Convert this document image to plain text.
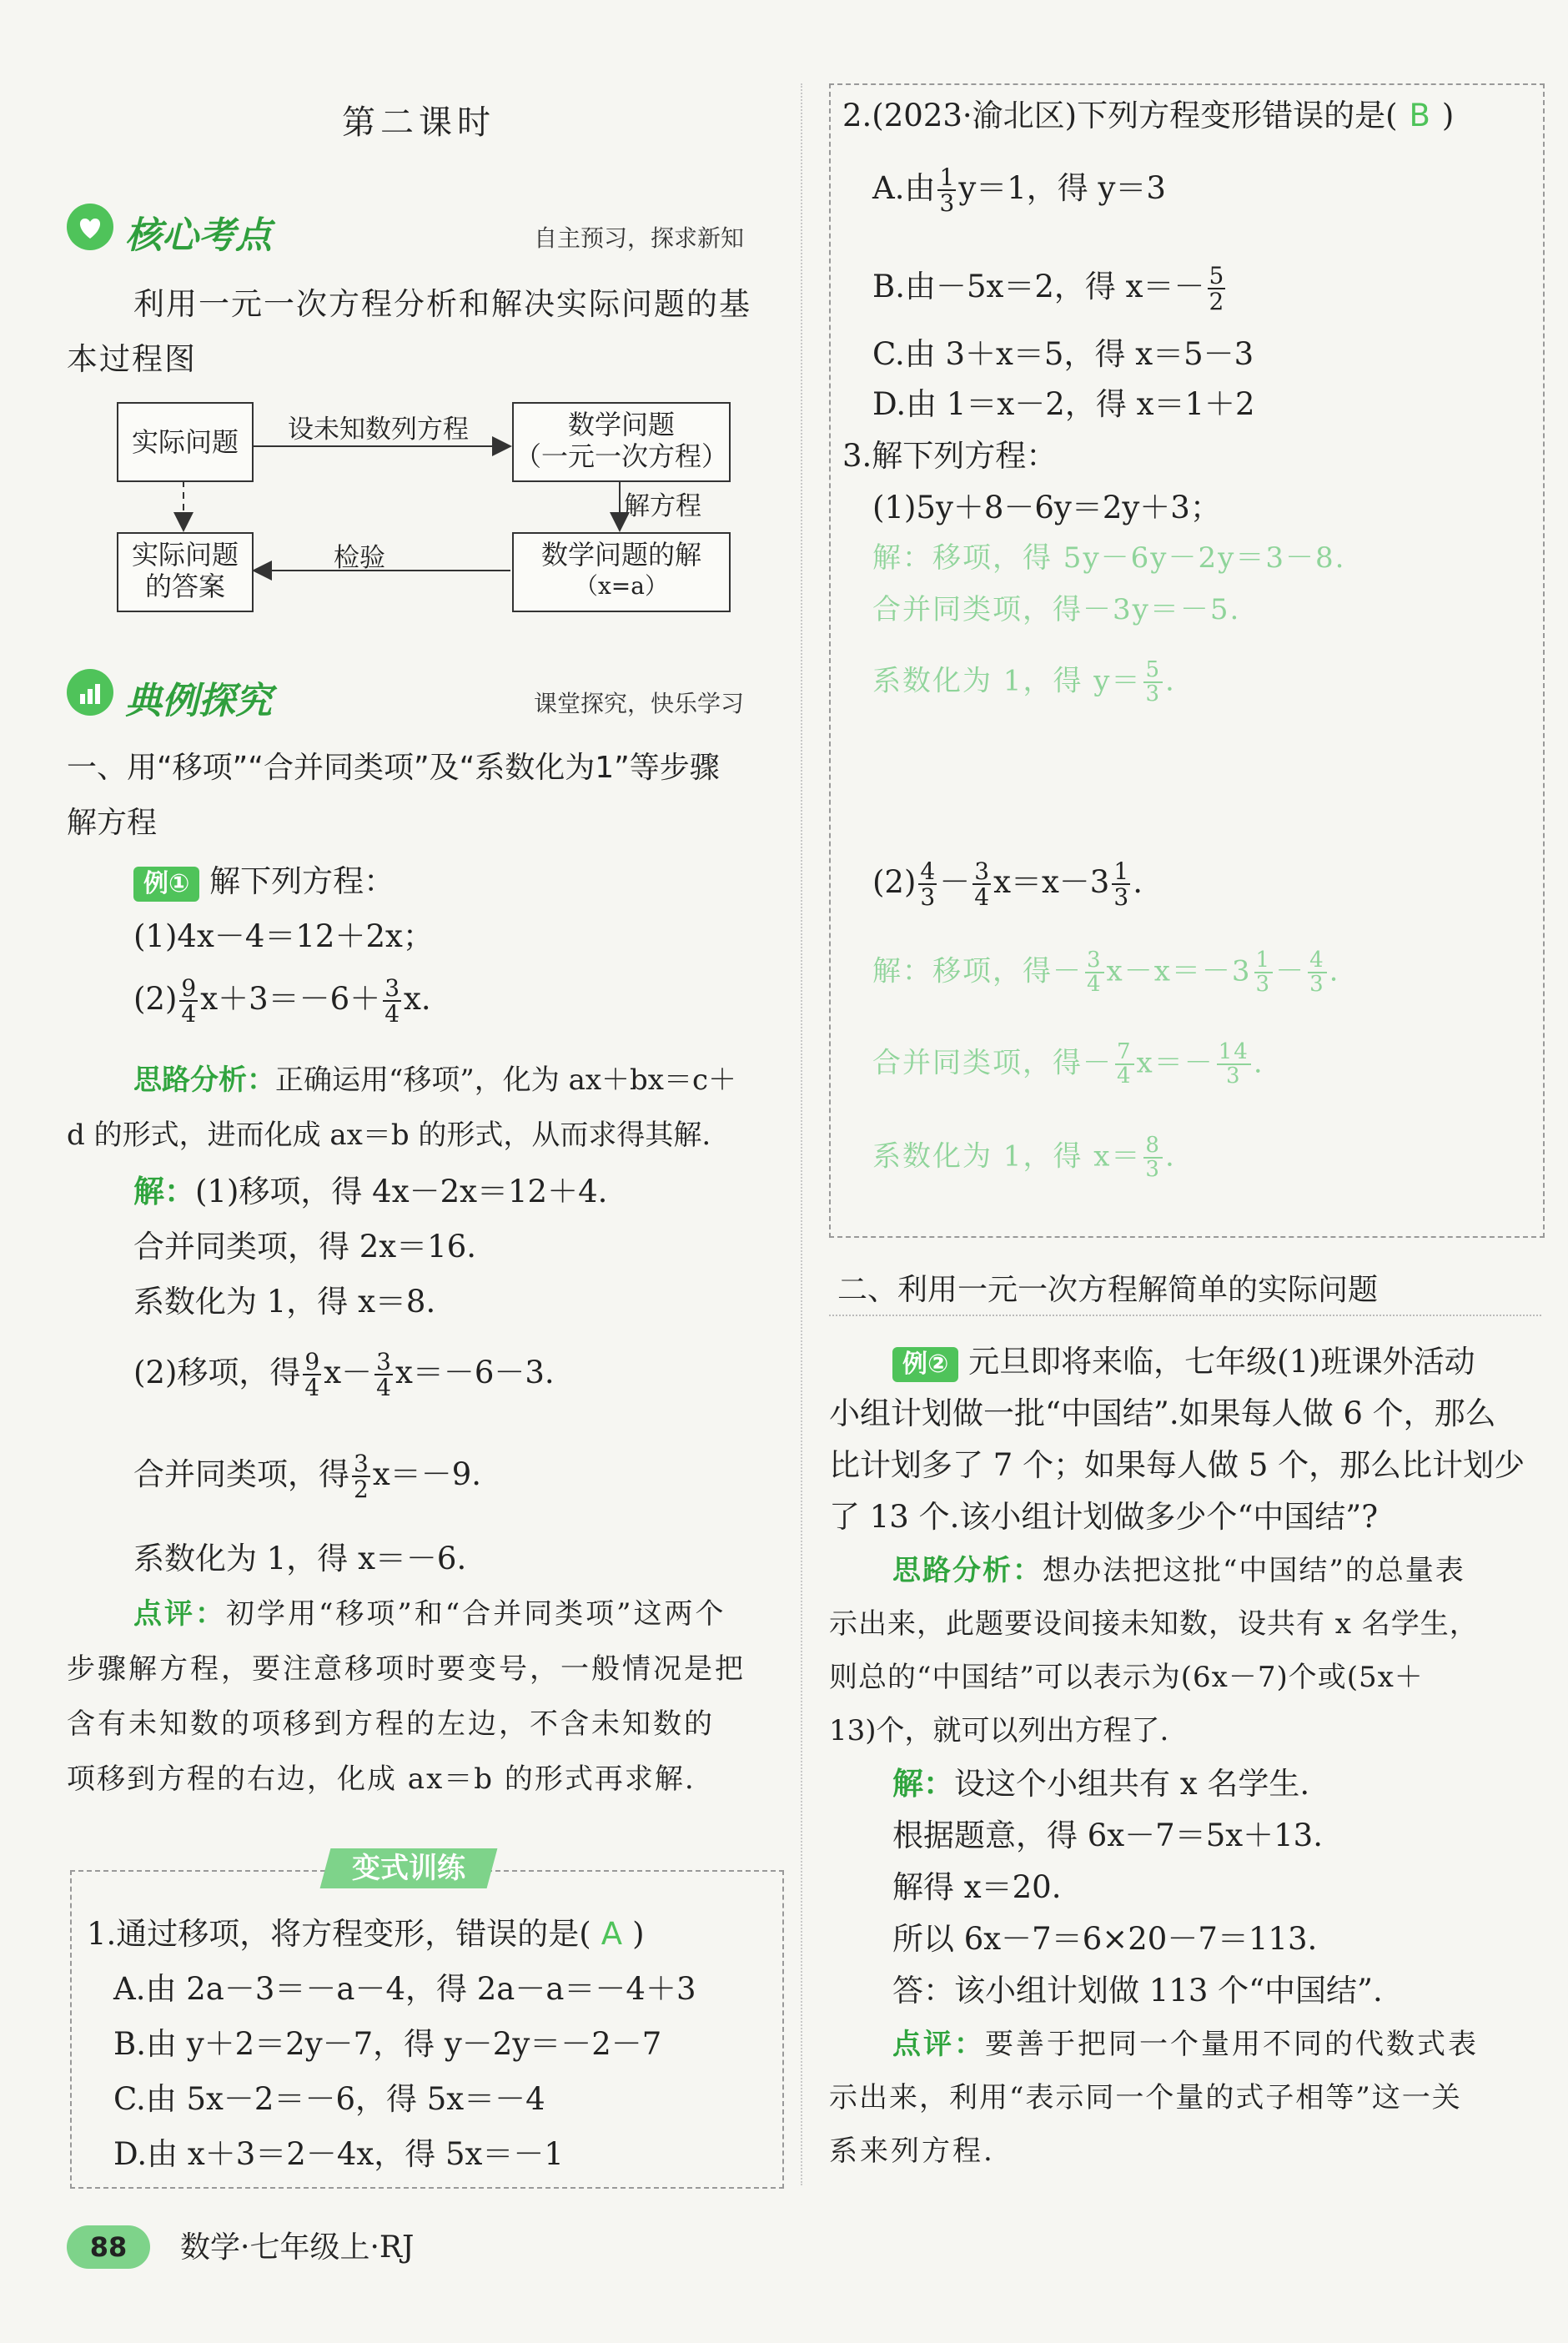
第二课时
核心考点	自主预习，探求新知
利用一元一次方程分析和解决实际问题的基
本过程图
实际问题	设未知数列方程	数学问题
（一元一次方程）
解方程
数学问题的解
（x=a）
检验
实际问题
的答案
典例探究	课堂探究，快乐学习
一、用“移项”“合并同类项”及“系数化为1”等步骤
解方程
例① 解下列方程：
(1)4x－4＝12＋2x；
$(2) \frac{9}{4} x+3=-6+ \frac{3}{4} x$.
思路分析：正确运用“移项”，化为 ax＋bx＝c＋
d 的形式，进而化成 ax＝b 的形式，从而求得其解.
解：(1)移项，得 4x－2x＝12＋4.
合并同类项，得 2x＝16.
系数化为 1，得 x＝8.
(2)移项，得 $\frac{9}{4} x- \frac{3}{4} x=-6-3$.
合并同类项，得 $\frac{3}{2} x=-9$.
系数化为 1，得 x＝－6.
点评：初学用“移项”和“合并同类项”这两个
步骤解方程，要注意移项时要变号，一般情况是把
含有未知数的项移到方程的左边，不含未知数的
项移到方程的右边，化成 ax＝b 的形式再求解.
变式训练
1.通过移项，将方程变形，错误的是( A )
A.由 2a－3＝－a－4，得 2a－a＝－4＋3
B.由 y＋2＝2y－7，得 y－2y＝－2－7
C.由 5x－2＝－6，得 5x＝－4
D.由 x＋3＝2－4x，得 5x＝－1
2.(2023·渝北区)下列方程变形错误的是( B )
A.由 $\frac{1}{3} y=1$，得 y＝3
B.由－5x＝2，得 $x=- \frac{5}{2}$
C.由 3＋x＝5，得 x＝5－3
D.由 1＝x－2，得 x＝1＋2
3.解下列方程：
(1)5y＋8－6y＝2y＋3；
解：移项，得 5y－6y－2y＝3－8.
合并同类项，得－3y＝－5.
系数化为 1，得 $y= \frac{5}{3}$ .
$(2) \frac{4}{3} - \frac{3}{4} x=x-3 \frac{1}{3}$ .
解：移项，得－ $\frac{3}{4} x-x=-3 \frac{1}{3} - \frac{4}{3}$ .
合并同类项，得－ $\frac{7}{4} x=- \frac{14}{3}$ .
系数化为 1，得 $x= \frac{8}{3}$ .
二、利用一元一次方程解简单的实际问题
例② 元旦即将来临，七年级(1)班课外活动
小组计划做一批“中国结”.如果每人做 6 个，那么
比计划多了 7 个；如果每人做 5 个，那么比计划少
了 13 个.该小组计划做多少个“中国结”?
思路分析：想办法把这批“中国结”的总量表
示出来，此题要设间接未知数，设共有 x 名学生，
则总的“中国结”可以表示为(6x－7)个或(5x＋
13)个，就可以列出方程了.
解：设这个小组共有 x 名学生.
根据题意，得 6x－7＝5x＋13.
解得 x＝20.
所以 6x－7＝6×20－7＝113.
答：该小组计划做 113 个“中国结”.
点评：要善于把同一个量用不同的代数式表
示出来，利用“表示同一个量的式子相等”这一关
系来列方程.
88	数学·七年级上·RJ
